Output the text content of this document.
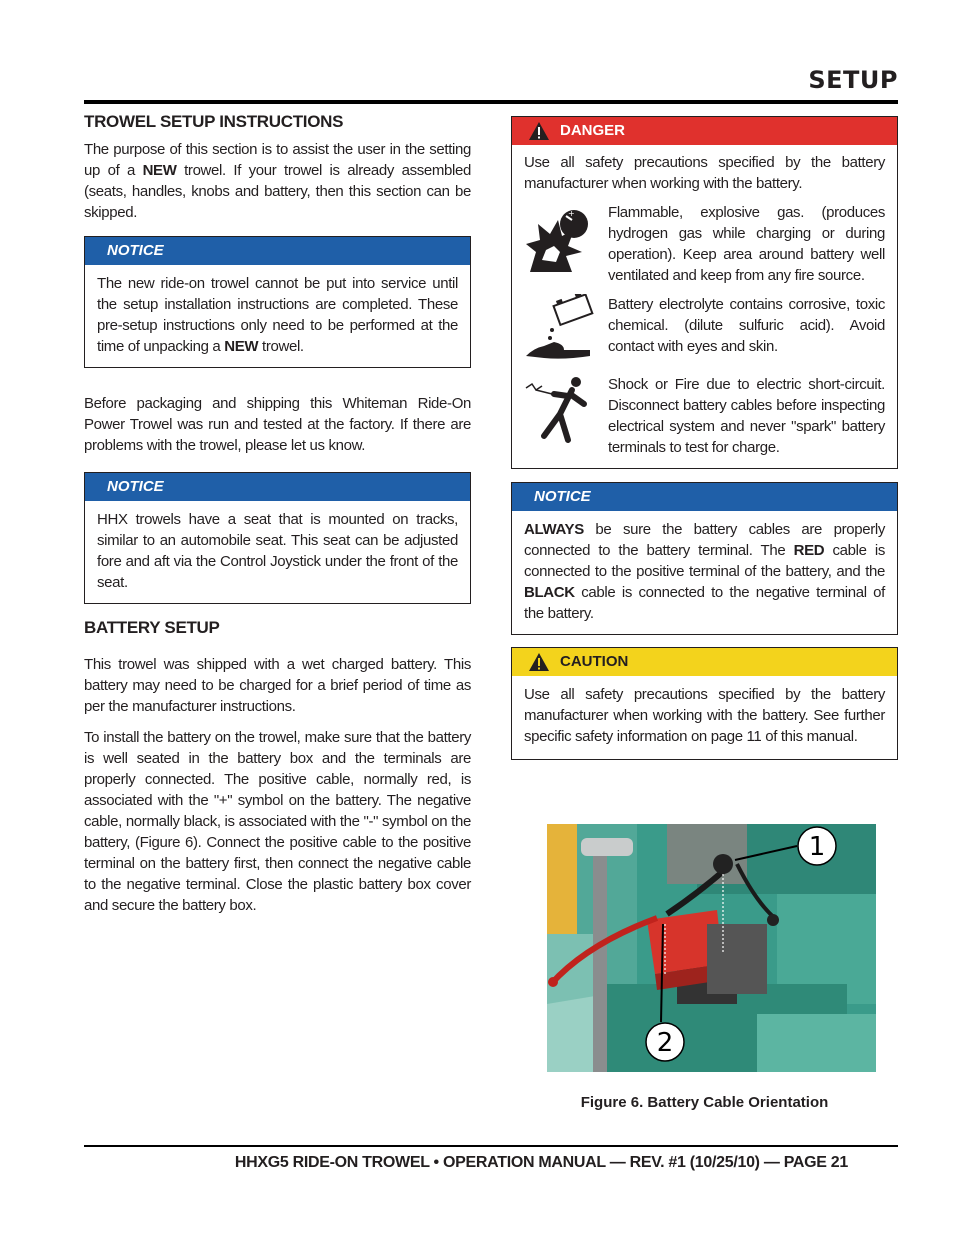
SETUP
TROWEL SETUP INSTRUCTIONS

The purpose of this section is to assist the user in the setting up of a NEW trowel. If your trowel is already assembled (seats, handles, knobs and battery, then this section can be skipped.

NOTICE

The new ride-on trowel cannot be put into service until the setup installation instructions are completed. These pre-setup instructions only need to be performed at the time of unpacking a NEW trowel.

Before packaging and shipping this Whiteman Ride-On Power Trowel was run and tested at the factory. If there are problems with the trowel, please let us know.

NOTICE

HHX trowels have a seat that is mounted on tracks, similar to an automobile seat. This seat can be adjusted fore and aft via the Control Joystick under the front of the seat.

BATTERY SETUP

This trowel was shipped with a wet charged battery. This battery may need to be charged for a brief period of time as per the manufacturer instructions.

To install the battery on the trowel, make sure that the battery is well seated in the battery box and the terminals are properly connected. The positive cable, normally red, is associated with the "+" symbol on the battery. The negative cable, normally black, is associated with the "-" symbol on the battery, (Figure 6). Connect the positive cable to the positive terminal on the battery first, then connect the negative cable to the negative terminal. Close the plastic battery box cover and secure the battery box.

DANGER

Use all safety precautions specified by the battery manufacturer when working with the battery.

+ Flammable, explosive gas. (produces hydrogen gas while charging or during operation). Keep area around battery well ventilated and keep from any fire source.

Battery electrolyte contains corrosive, toxic chemical. (dilute sulfuric acid). Avoid contact with eyes and skin.

Shock or Fire due to electric short-circuit. Disconnect battery cables before inspecting electrical system and never "spark" battery terminals to test for charge.

NOTICE

ALWAYS be sure the battery cables are properly connected to the battery terminal. The RED cable is connected to the positive terminal of the battery, and the BLACK cable is connected to the negative terminal of the battery.

CAUTION

Use all safety precautions specified by the battery manufacturer when working with the battery. See further specific safety information on page 11 of this manual.

1
2
Figure 6. Battery Cable Orientation
HHXG5 RIDE-ON TROWEL • OPERATION MANUAL — REV. #1 (10/25/10) — PAGE 21
